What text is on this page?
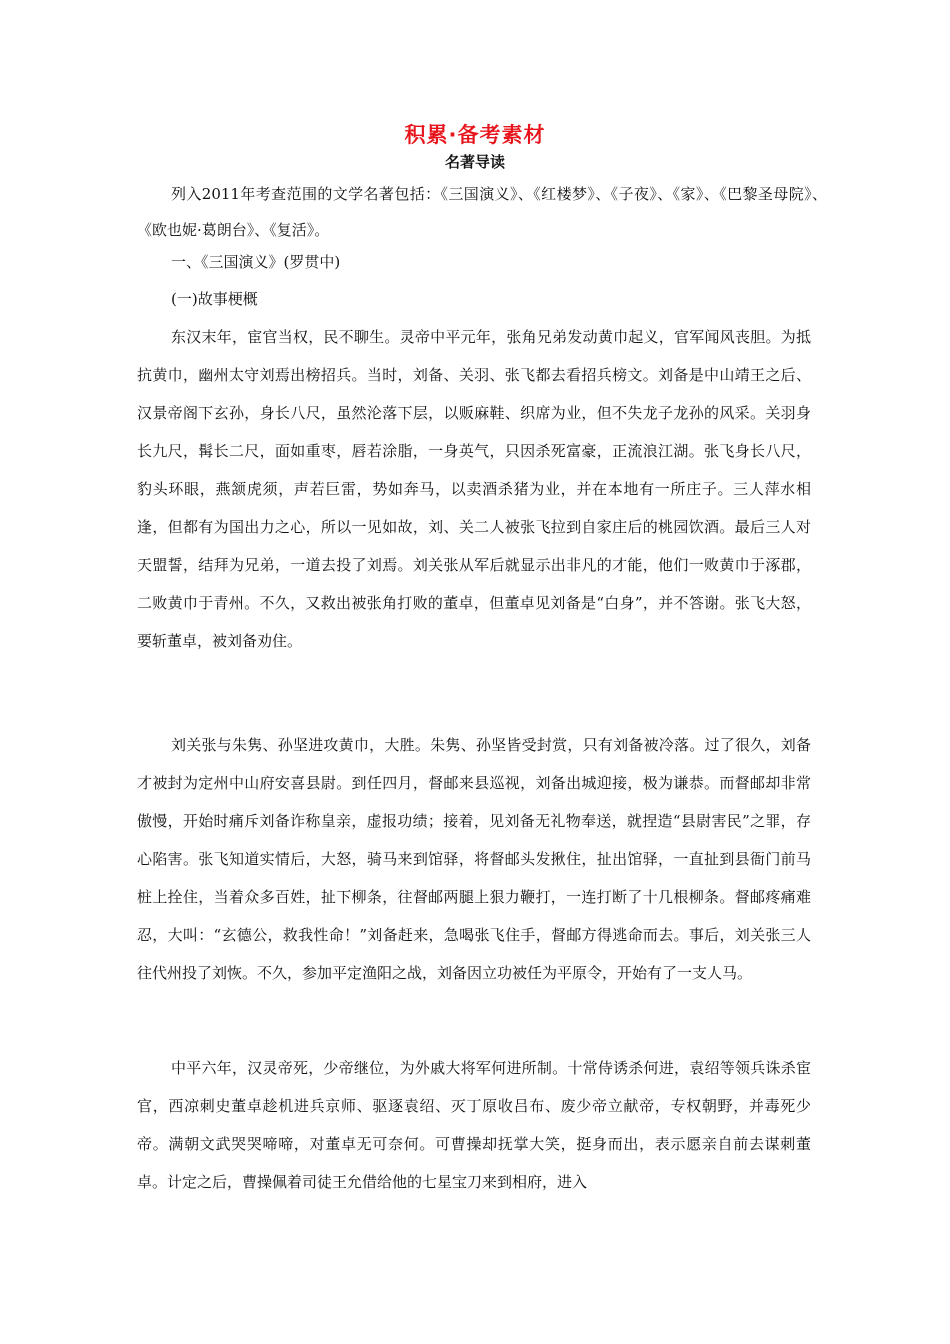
积累·备考素材
名著导读

列入2011年考查范围的文学名著包括：《三国演义》、《红楼梦》、《子夜》、《家》、《巴黎圣母院》、《欧也妮·葛朗台》、《复活》。

一、《三国演义》(罗贯中)

(一)故事梗概

东汉末年，宦官当权，民不聊生。灵帝中平元年，张角兄弟发动黄巾起义，官军闻风丧胆。为抵抗黄巾，幽州太守刘焉出榜招兵。当时，刘备、关羽、张飞都去看招兵榜文。刘备是中山靖王之后、汉景帝阁下玄孙，身长八尺，虽然沦落下层，以贩麻鞋、织席为业，但不失龙子龙孙的风采。关羽身长九尺，髯长二尺，面如重枣，唇若涂脂，一身英气，只因杀死富豪，正流浪江湖。张飞身长八尺，豹头环眼，燕颔虎须，声若巨雷，势如奔马，以卖酒杀猪为业，并在本地有一所庄子。三人萍水相逢，但都有为国出力之心，所以一见如故，刘、关二人被张飞拉到自家庄后的桃园饮酒。最后三人对天盟誓，结拜为兄弟，一道去投了刘焉。刘关张从军后就显示出非凡的才能，他们一败黄巾于涿郡，二败黄巾于青州。不久，又救出被张角打败的董卓，但董卓见刘备是“白身”，并不答谢。张飞大怒，要斩董卓，被刘备劝住。

刘关张与朱隽、孙坚进攻黄巾，大胜。朱隽、孙坚皆受封赏，只有刘备被冷落。过了很久，刘备才被封为定州中山府安喜县尉。到任四月，督邮来县巡视，刘备出城迎接，极为谦恭。而督邮却非常傲慢，开始时痛斥刘备诈称皇亲，虚报功绩；接着，见刘备无礼物奉送，就捏造“县尉害民”之罪，存心陷害。张飞知道实情后，大怒，骑马来到馆驿，将督邮头发揪住，扯出馆驿，一直扯到县衙门前马桩上拴住，当着众多百姓，扯下柳条，往督邮两腿上狠力鞭打，一连打断了十几根柳条。督邮疼痛难忍，大叫：“玄德公，救我性命！”刘备赶来，急喝张飞住手，督邮方得逃命而去。事后，刘关张三人往代州投了刘恢。不久，参加平定渔阳之战，刘备因立功被任为平原令，开始有了一支人马。

中平六年，汉灵帝死，少帝继位，为外戚大将军何进所制。十常侍诱杀何进，袁绍等领兵诛杀宦官，西凉刺史董卓趁机进兵京师、驱逐袁绍、灭丁原收吕布、废少帝立献帝，专权朝野，并毒死少帝。满朝文武哭哭啼啼，对董卓无可奈何。可曹操却抚掌大笑，挺身而出，表示愿亲自前去谋刺董卓。计定之后，曹操佩着司徒王允借给他的七星宝刀来到相府，进入
